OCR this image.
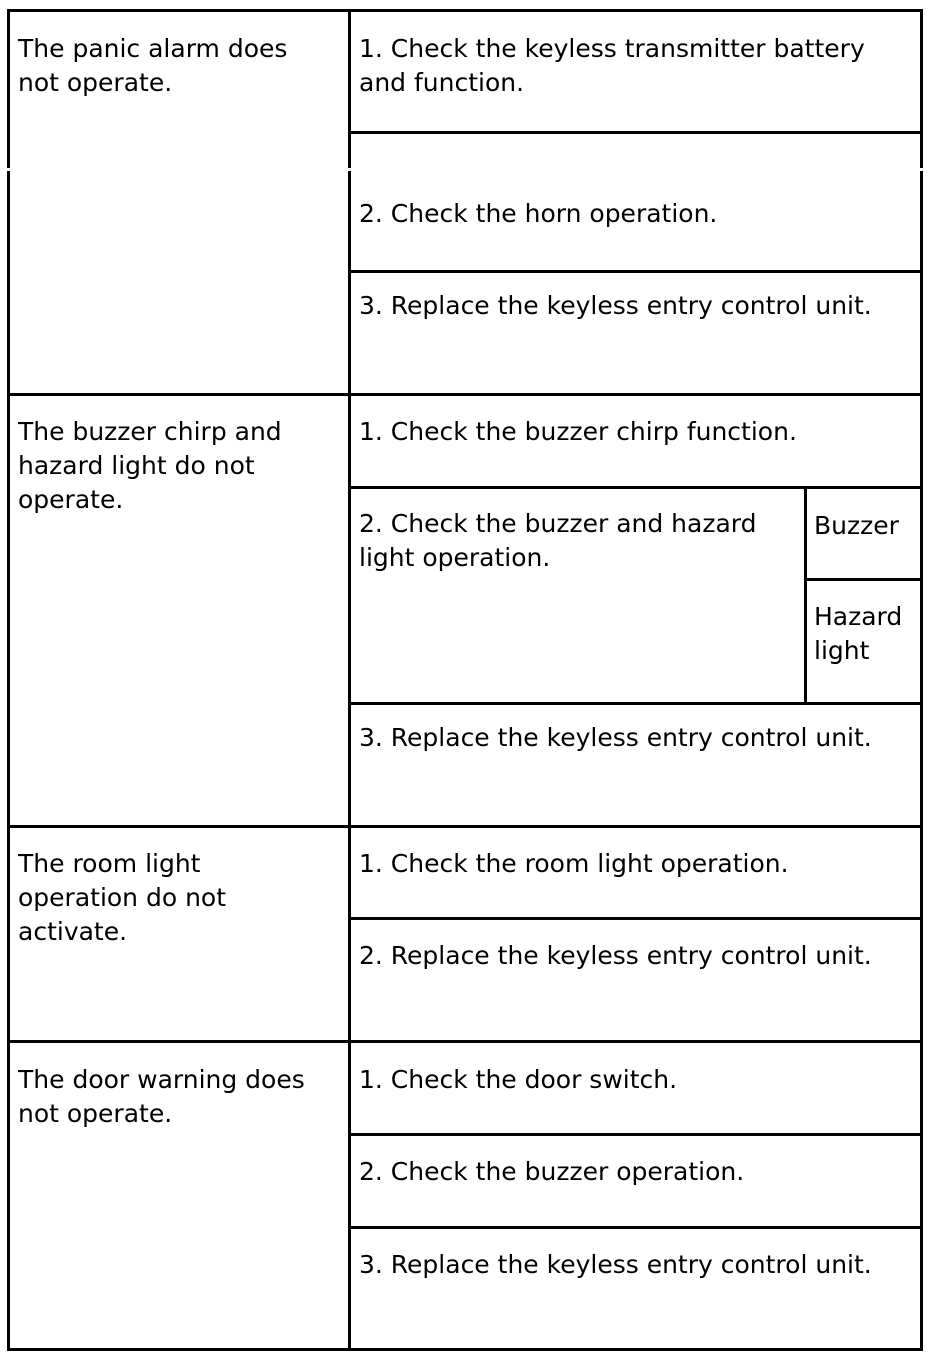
The panic alarm does not operate.
1. Check the keyless transmitter battery and function.
2. Check the horn operation.
3. Replace the keyless entry control unit.
The buzzer chirp and hazard light do not operate.
1. Check the buzzer chirp function.
2. Check the buzzer and hazard light operation.
Buzzer
Hazard light
3. Replace the keyless entry control unit.
The room light operation do not activate.
1. Check the room light operation.
2. Replace the keyless entry control unit.
The door warning does not operate.
1. Check the door switch.
2. Check the buzzer operation.
3. Replace the keyless entry control unit.
